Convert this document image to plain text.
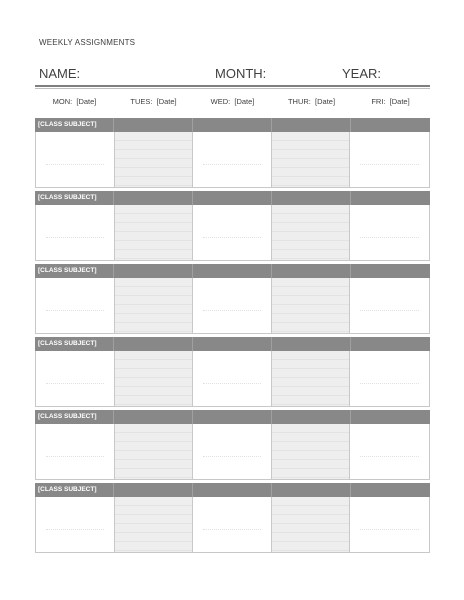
WEEKLY ASSIGNMENTS
NAME:	MONTH:	YEAR:
MON:  [Date]	TUES:  [Date]	WED:  [Date]	THUR:  [Date]	FRI:  [Date]
[CLASS SUBJECT]
[CLASS SUBJECT]
[CLASS SUBJECT]
[CLASS SUBJECT]
[CLASS SUBJECT]
[CLASS SUBJECT]
